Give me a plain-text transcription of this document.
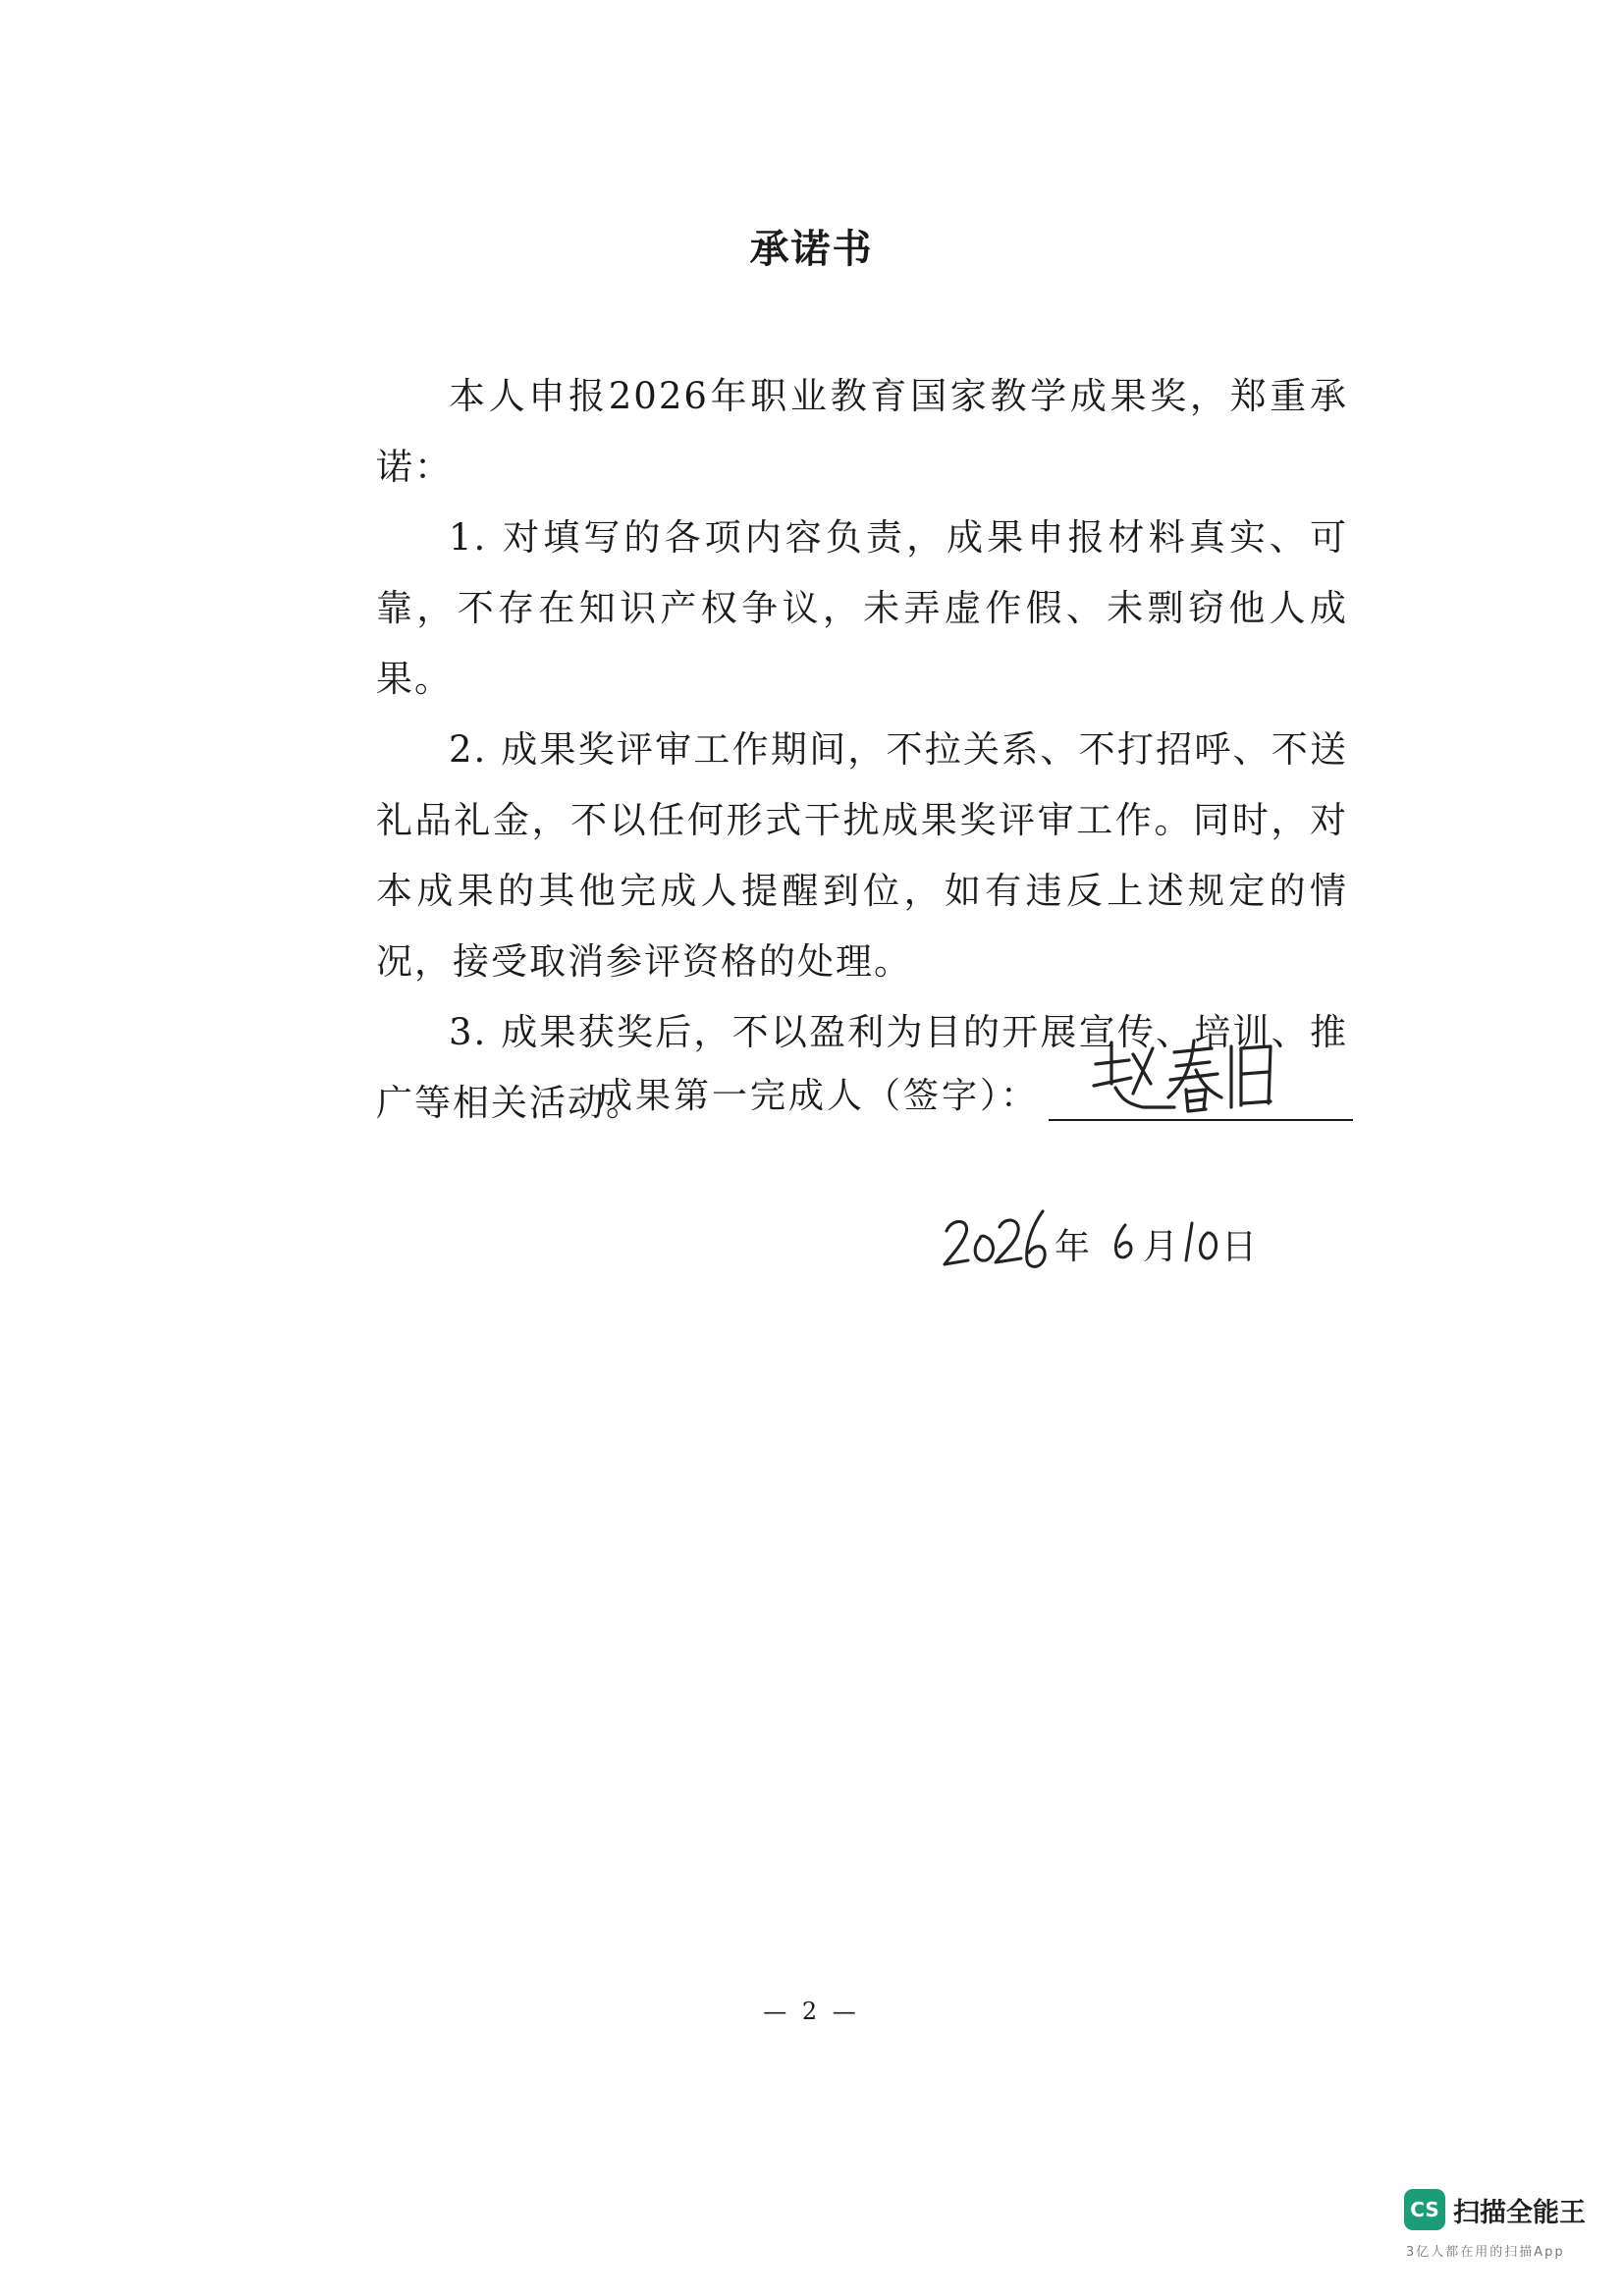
承诺书

本人申报2026年职业教育国家教学成果奖，郑重承诺：

1. 对填写的各项内容负责，成果申报材料真实、可靠，不存在知识产权争议，未弄虚作假、未剽窃他人成果。

2. 成果奖评审工作期间，不拉关系、不打招呼、不送礼品礼金，不以任何形式干扰成果奖评审工作。同时，对本成果的其他完成人提醒到位，如有违反上述规定的情况，接受取消参评资格的处理。

3. 成果获奖后，不以盈利为目的开展宣传、培训、推广等相关活动。

成果第一完成人（签字）：
年 月 日
— 2 —
CS 扫描全能王
3亿人都在用的扫描App
